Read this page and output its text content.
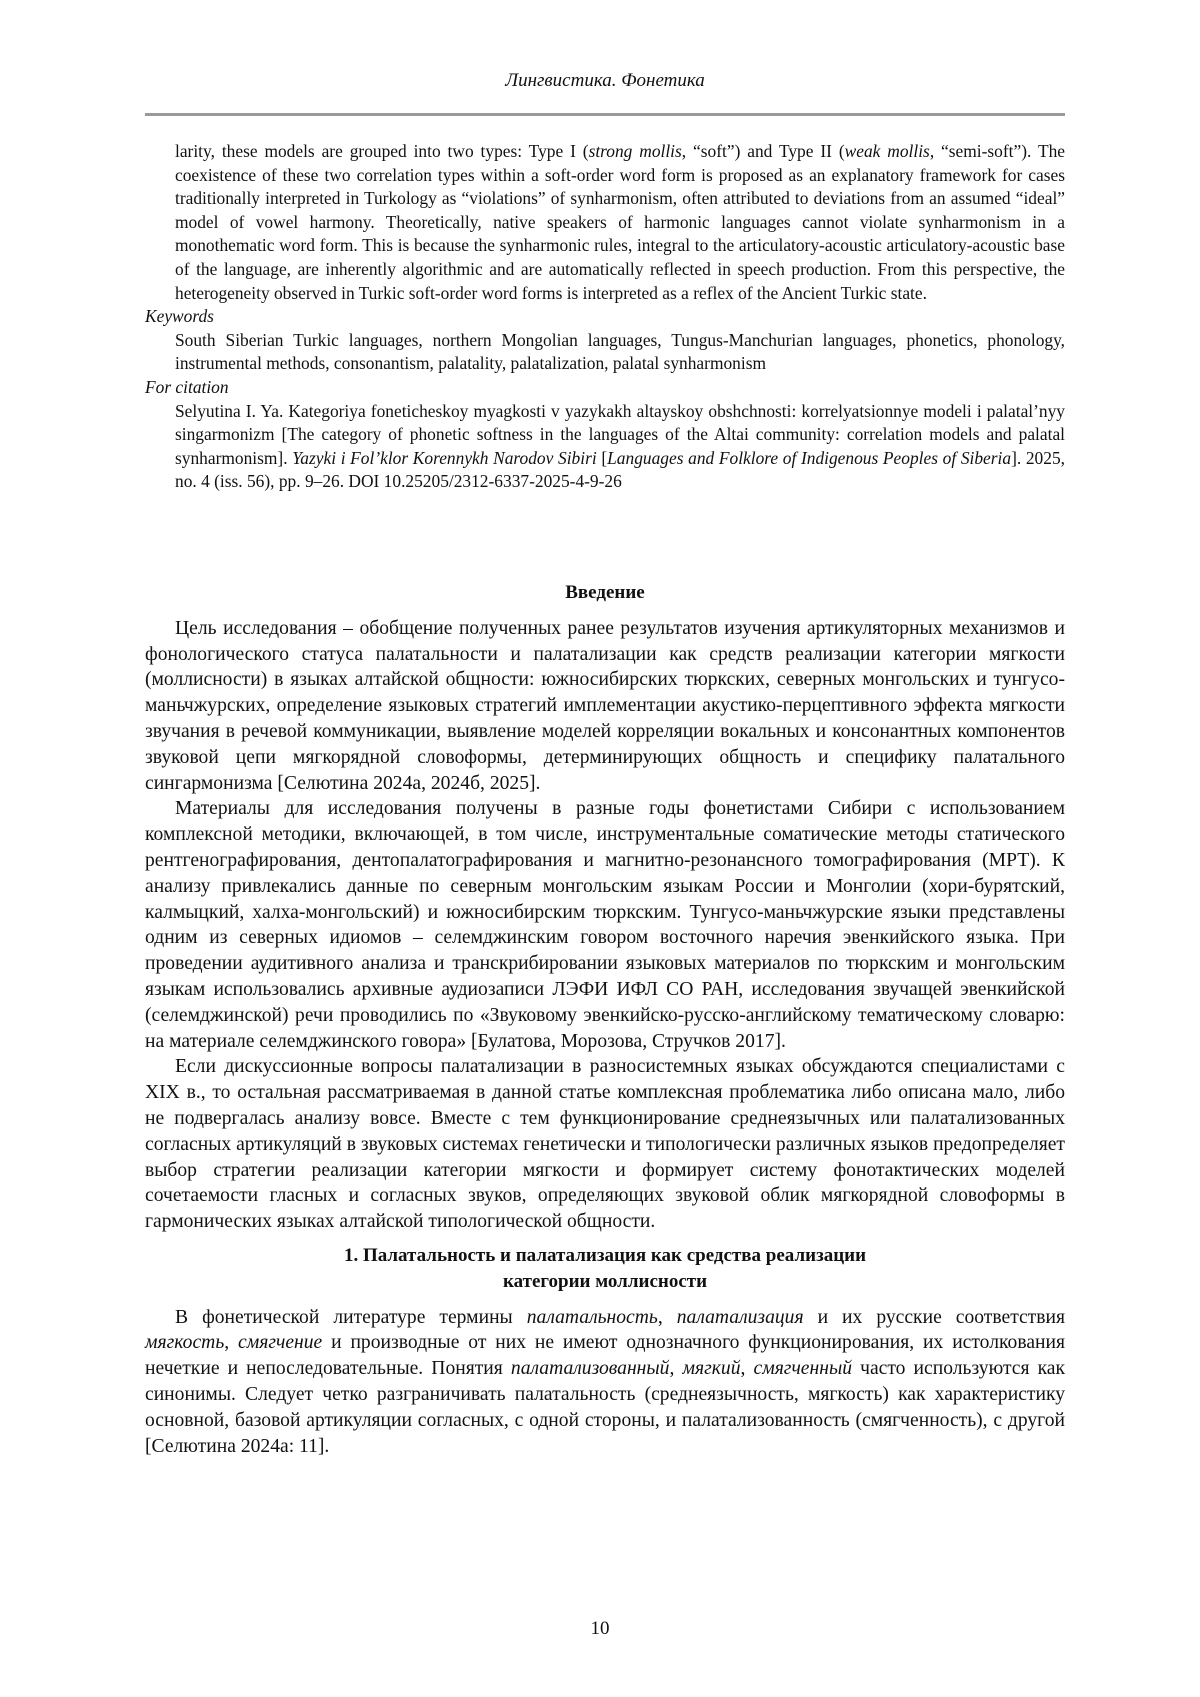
Лингвистика. Фонетика
larity, these models are grouped into two types: Type I (strong mollis, “soft”) and Type II (weak mollis, “semi-soft”). The coexistence of these two correlation types within a soft-order word form is proposed as an explanatory framework for cases traditionally interpreted in Turkology as “violations” of synharmonism, often attributed to deviations from an assumed “ideal” model of vowel harmony. Theoretically, native speakers of harmonic languages cannot violate synharmonism in a monothematic word form. This is because the synharmonic rules, integral to the articulatory-acoustic articulatory-acoustic base of the language, are inherently algorithmic and are automatically reflected in speech production. From this perspective, the heterogeneity observed in Turkic soft-order word forms is interpreted as a reflex of the Ancient Turkic state.
Keywords
South Siberian Turkic languages, northern Mongolian languages, Tungus-Manchurian languages, phonetics, phonology, instrumental methods, consonantism, palatality, palatalization, palatal synharmonism
For citation
Selyutina I. Ya. Kategoriya foneticheskoy myagkosti v yazykakh altayskoy obshchnosti: korrelyatsionnye modeli i palatal’nyy singarmonizm [The category of phonetic softness in the languages of the Altai community: correlation models and palatal synharmonism]. Yazyki i Fol’klor Korennykh Narodov Sibiri [Languages and Folklore of Indigenous Peoples of Siberia]. 2025, no. 4 (iss. 56), pp. 9–26. DOI 10.25205/2312-6337-2025-4-9-26
Введение

Цель исследования – обобщение полученных ранее результатов изучения артикуляторных механизмов и фонологического статуса палатальности и палатализации как средств реализации категории мягкости (моллисности) в языках алтайской общности: южносибирских тюркских, северных монгольских и тунгусо-маньчжурских, определение языковых стратегий имплементации акустико-перцептивного эффекта мягкости звучания в речевой коммуникации, выявление моделей корреляции вокальных и консонантных компонентов звуковой цепи мягкорядной словоформы, детерминирующих общность и специфику палатального сингармонизма [Селютина 2024а, 2024б, 2025].

Материалы для исследования получены в разные годы фонетистами Сибири с использованием комплексной методики, включающей, в том числе, инструментальные соматические методы статического рентгенографирования, дентопалатографирования и магнитно-резонансного томографирования (МРТ). К анализу привлекались данные по северным монгольским языкам России и Монголии (хори-бурятский, калмыцкий, халха-монгольский) и южносибирским тюркским. Тунгусо-маньчжурские языки представлены одним из северных идиомов – селемджинским говором восточного наречия эвенкийского языка. При проведении аудитивного анализа и транскрибировании языковых материалов по тюркским и монгольским языкам использовались архивные аудиозаписи ЛЭФИ ИФЛ СО РАН, исследования звучащей эвенкийской (селемджинской) речи проводились по «Звуковому эвенкийско-русско-английскому тематическому словарю: на материале селемджинского говора» [Булатова, Морозова, Стручков 2017].

Если дискуссионные вопросы палатализации в разносистемных языках обсуждаются специалистами с XIX в., то остальная рассматриваемая в данной статье комплексная проблематика либо описана мало, либо не подвергалась анализу вовсе. Вместе с тем функционирование среднеязычных или палатализованных согласных артикуляций в звуковых системах генетически и типологически различных языков предопределяет выбор стратегии реализации категории мягкости и формирует систему фонотактических моделей сочетаемости гласных и согласных звуков, определяющих звуковой облик мягкорядной словоформы в гармонических языках алтайской типологической общности.

1. Палатальность и палатализация как средства реализации
категории моллисности

В фонетической литературе термины палатальность, палатализация и их русские соответствия мягкость, смягчение и производные от них не имеют однозначного функционирования, их истолкования нечеткие и непоследовательные. Понятия палатализованный, мягкий, смягченный часто используются как синонимы. Следует четко разграничивать палатальность (среднеязычность, мягкость) как характеристику основной, базовой артикуляции согласных, с одной стороны, и палатализованность (смягченность), с другой [Селютина 2024а: 11].

10
